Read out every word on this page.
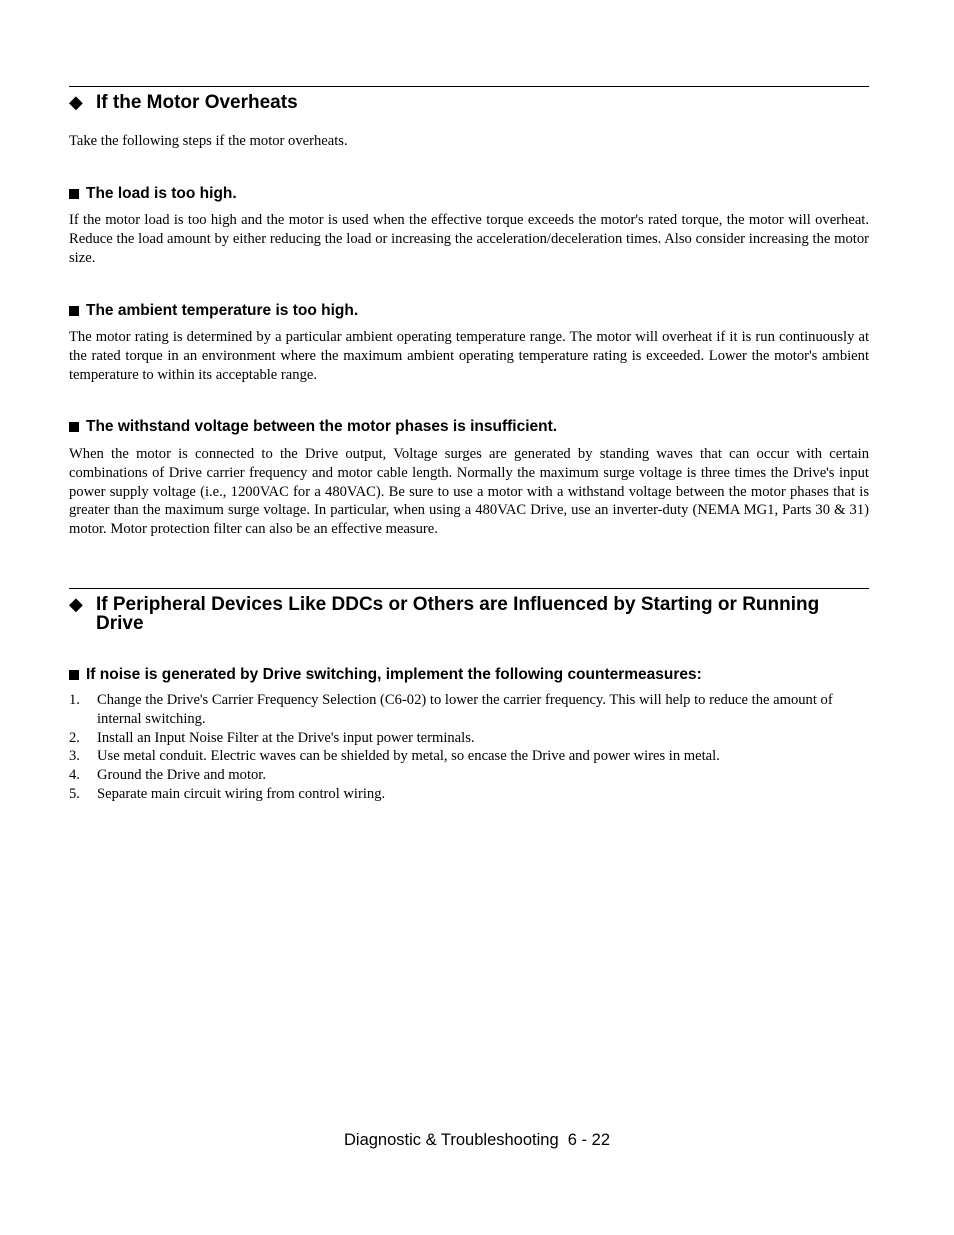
◆ If the Motor Overheats
Take the following steps if the motor overheats.
The load is too high.
If the motor load is too high and the motor is used when the effective torque exceeds the motor's rated torque, the motor will overheat. Reduce the load amount by either reducing the load or increasing the acceleration/deceleration times. Also consider increasing the motor size.
The ambient temperature is too high.
The motor rating is determined by a particular ambient operating temperature range. The motor will overheat if it is run continuously at the rated torque in an environment where the maximum ambient operating temperature rating is exceeded. Lower the motor's ambient temperature to within its acceptable range.
The withstand voltage between the motor phases is insufficient.
When the motor is connected to the Drive output, Voltage surges are generated by standing waves that can occur with certain combinations of Drive carrier frequency and motor cable length. Normally the maximum surge voltage is three times the Drive's input power supply voltage (i.e., 1200VAC for a 480VAC). Be sure to use a motor with a withstand voltage between the motor phases that is greater than the maximum surge voltage. In particular, when using a 480VAC Drive, use an inverter-duty (NEMA MG1, Parts 30 & 31) motor. Motor protection filter can also be an effective measure.
◆ If Peripheral Devices Like DDCs or Others are Influenced by Starting or Running Drive
If noise is generated by Drive switching, implement the following countermeasures:
1.	Change the Drive's Carrier Frequency Selection (C6-02) to lower the carrier frequency. This will help to reduce the amount of internal switching.
2.	Install an Input Noise Filter at the Drive's input power terminals.
3.	Use metal conduit. Electric waves can be shielded by metal, so encase the Drive and power wires in metal.
4.	Ground the Drive and motor.
5.	Separate main circuit wiring from control wiring.
Diagnostic & Troubleshooting  6 - 22
